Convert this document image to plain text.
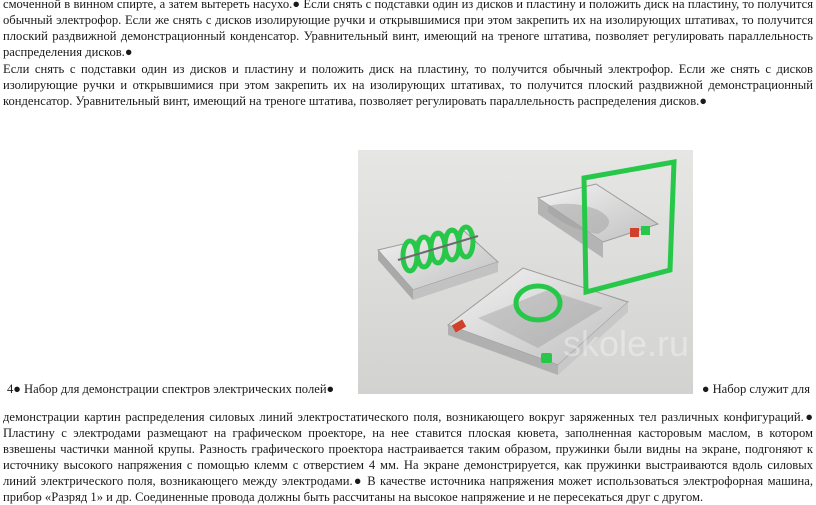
смоченной в винном спирте, а затем вытереть насухо.● Если снять с подставки один из дисков и пластину и положить диск на пластину, то получится обычный электрофор. Если же снять с дисков изолирующие ручки и открывшимися при этом закрепить их на изолирующих штативах, то получится плоский раздвижной демонстрационный конденсатор. Уравнительный винт, имеющий на треноге штатива, позволяет регулировать параллельность распределения дисков.●

Если снять с подставки один из дисков и пластину и положить диск на пластину, то получится обычный электрофор. Если же снять с дисков изолирующие ручки и открывшимися при этом закрепить их на изолирующих штативах, то получится плоский раздвижной демонстрационный конденсатор. Уравнительный винт, имеющий на треноге штатива, позволяет регулировать параллельность распределения дисков.●

skole.ru
4● Набор для демонстрации спектров электрических полей●	● Набор служит для

демонстрации картин распределения силовых линий электростатического поля, возникающего вокруг заряженных тел различных конфигураций.● Пластину с электродами размещают на графическом проекторе, на нее ставится плоская кювета, заполненная касторовым маслом, в котором взвешены частички манной крупы. Разность графического проектора настраивается таким образом, пружинки были видны на экране, подгоняют к источнику высокого напряжения с помощью клемм с отверстием 4 мм. На экране демонстрируется, как пружинки выстраиваются вдоль силовых линий электрического поля, возникающего между электродами.● В качестве источника напряжения может использоваться электрофорная машина, прибор «Разряд 1» и др. Соединенные провода должны быть рассчитаны на высокое напряжение и не пересекаться друг с другом.
